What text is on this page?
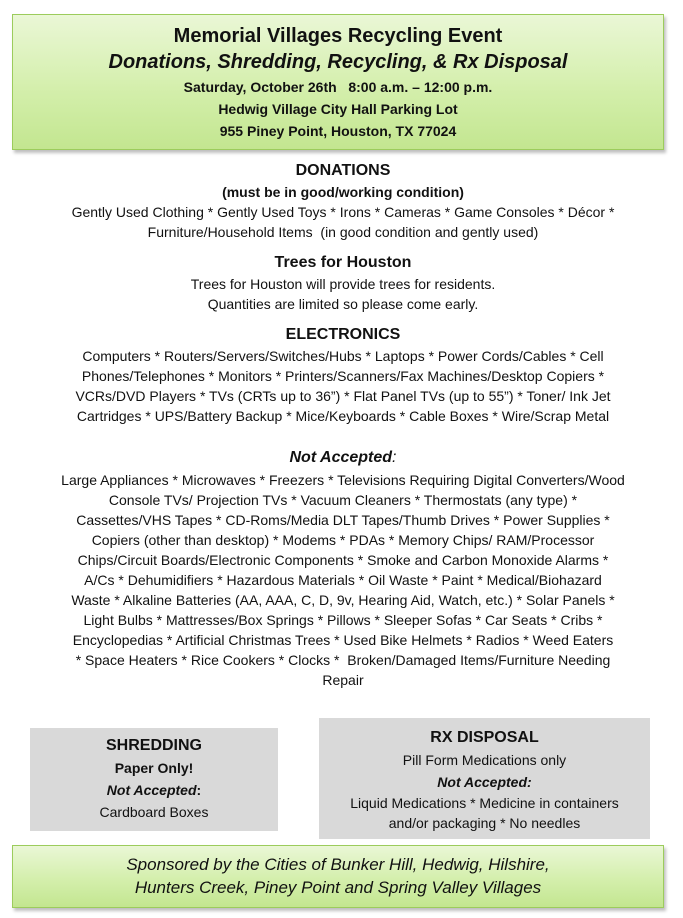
Memorial Villages Recycling Event
Donations, Shredding, Recycling, & Rx Disposal
Saturday, October 26th   8:00 a.m. – 12:00 p.m.
Hedwig Village City Hall Parking Lot
955 Piney Point, Houston, TX 77024
DONATIONS
(must be in good/working condition)
Gently Used Clothing * Gently Used Toys * Irons * Cameras * Game Consoles * Décor *
Furniture/Household Items  (in good condition and gently used)
Trees for Houston
Trees for Houston will provide trees for residents.
Quantities are limited so please come early.
ELECTRONICS
Computers * Routers/Servers/Switches/Hubs * Laptops * Power Cords/Cables * Cell
Phones/Telephones * Monitors * Printers/Scanners/Fax Machines/Desktop Copiers *
VCRs/DVD Players * TVs (CRTs up to 36”) * Flat Panel TVs (up to 55”) * Toner/ Ink Jet
Cartridges * UPS/Battery Backup * Mice/Keyboards * Cable Boxes * Wire/Scrap Metal
Not Accepted:
Large Appliances * Microwaves * Freezers * Televisions Requiring Digital Converters/Wood
Console TVs/ Projection TVs * Vacuum Cleaners * Thermostats (any type) *
Cassettes/VHS Tapes * CD-Roms/Media DLT Tapes/Thumb Drives * Power Supplies *
Copiers (other than desktop) * Modems * PDAs * Memory Chips/ RAM/Processor
Chips/Circuit Boards/Electronic Components * Smoke and Carbon Monoxide Alarms *
A/Cs * Dehumidifiers * Hazardous Materials * Oil Waste * Paint * Medical/Biohazard
Waste * Alkaline Batteries (AA, AAA, C, D, 9v, Hearing Aid, Watch, etc.) * Solar Panels *
Light Bulbs * Mattresses/Box Springs * Pillows * Sleeper Sofas * Car Seats * Cribs *
Encyclopedias * Artificial Christmas Trees * Used Bike Helmets * Radios * Weed Eaters
* Space Heaters * Rice Cookers * Clocks *  Broken/Damaged Items/Furniture Needing
Repair
SHREDDING
Paper Only!
Not Accepted:
Cardboard Boxes
RX DISPOSAL
Pill Form Medications only
Not Accepted:
Liquid Medications * Medicine in containers
and/or packaging * No needles
Sponsored by the Cities of Bunker Hill, Hedwig, Hilshire,
Hunters Creek, Piney Point and Spring Valley Villages
